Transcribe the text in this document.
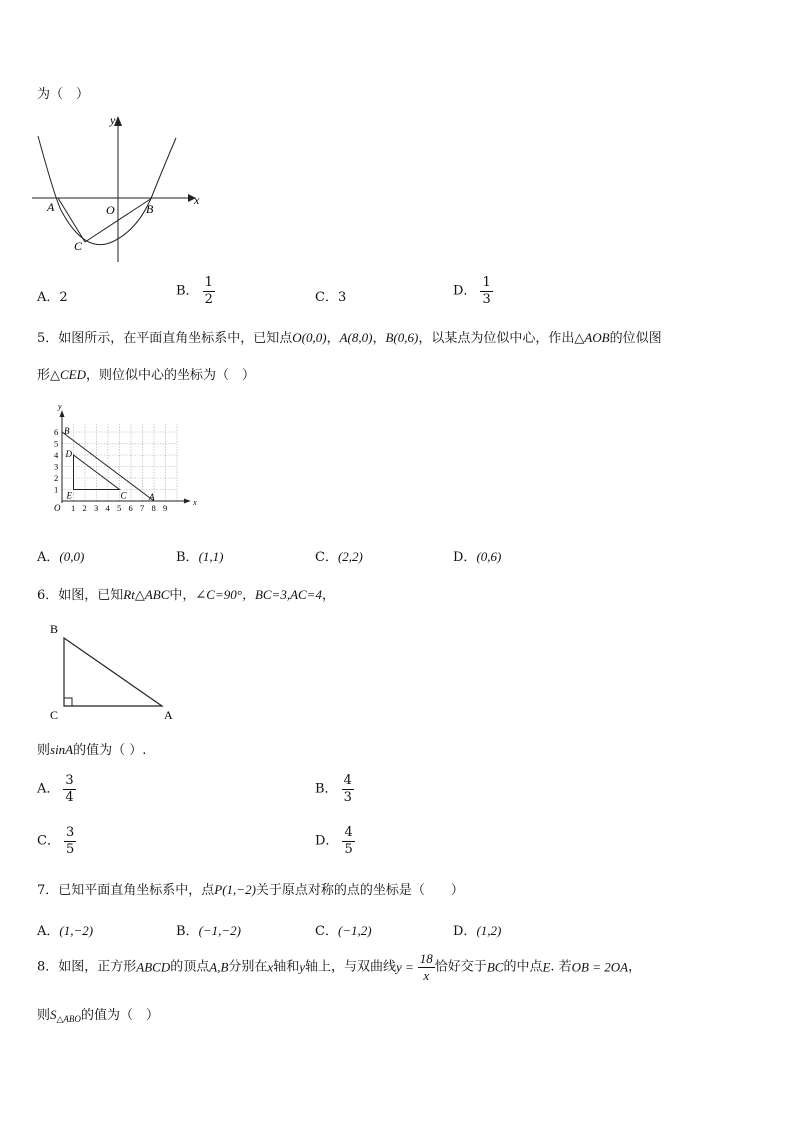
为（　）
y
x
A	O	B
C
A．2	B． $\frac{1}{2}$	C．3	D． $\frac{1}{3}$
5．如图所示，在平面直角坐标系中，已知点O(0,0)，A(8,0)，B(0,6)，以某点为位似中心，作出△AOB的位似图
形△CED，则位似中心的坐标为（　）
1 2 3 4 5 6 7 8 9
1
2
3
4
5
6
O
y
x
B
D
E	C A
A．(0,0)	B．(1,1)	C．(2,2)	D．(0,6)
6．如图，已知Rt△ABC中，∠C=90°，BC=3,AC=4，
B
C	A
则sinA的值为（ ）.
A． $\frac{3}{4}$	B． $\frac{4}{3}$
C． $\frac{3}{5}$	D． $\frac{4}{5}$
7．已知平面直角坐标系中，点P(1,−2)关于原点对称的点的坐标是（　　）
A．(1,−2)	B．(−1,−2)	C．(−1,2)	D．(1,2)
8．如图，正方形ABCD的顶点A,B分别在x轴和y轴上，与双曲线$y = \frac{18}{x}$ 恰好交于BC的中点E. 若OB = 2OA，
则$S_{\triangle ABO}$的值为（　）
